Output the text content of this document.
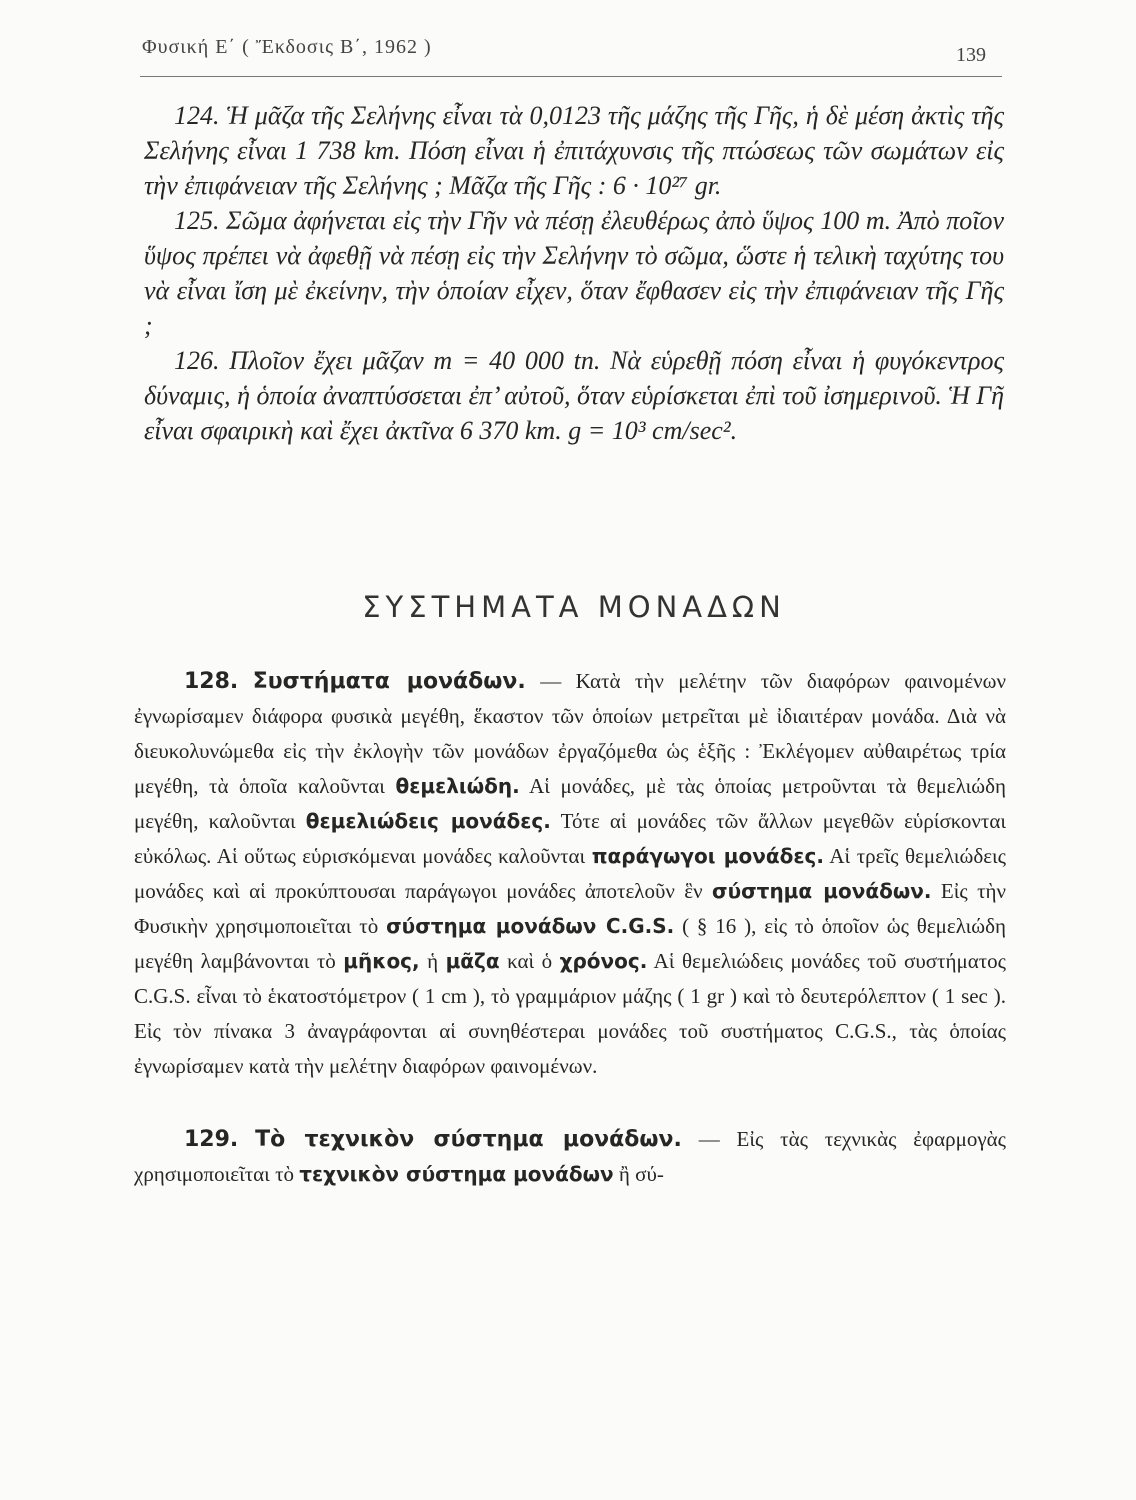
Φυσική Ε΄ ( Ἔκδοσις Β΄, 1962 )	139

124. Ἡ μᾶζα τῆς Σελήνης εἶναι τὰ 0,0123 τῆς μάζης τῆς Γῆς, ἡ δὲ μέση ἀκτὶς τῆς Σελήνης εἶναι 1 738 km. Πόση εἶναι ἡ ἐπιτάχυνσις τῆς πτώσεως τῶν σωμάτων εἰς τὴν ἐπιφάνειαν τῆς Σελήνης ; Μᾶζα τῆς Γῆς : 6 · 10²⁷ gr.

125. Σῶμα ἀφήνεται εἰς τὴν Γῆν νὰ πέσῃ ἐλευθέρως ἀπὸ ὕψος 100 m. Ἀπὸ ποῖον ὕψος πρέπει νὰ ἀφεθῇ νὰ πέσῃ εἰς τὴν Σελήνην τὸ σῶμα, ὥστε ἡ τελικὴ ταχύτης του νὰ εἶναι ἴση μὲ ἐκείνην, τὴν ὁποίαν εἶχεν, ὅταν ἔφθασεν εἰς τὴν ἐπιφάνειαν τῆς Γῆς ;

126. Πλοῖον ἔχει μᾶζαν m = 40 000 tn. Νὰ εὑρεθῇ πόση εἶναι ἡ φυγόκεντρος δύναμις, ἡ ὁποία ἀναπτύσσεται ἐπ’ αὐτοῦ, ὅταν εὑρίσκεται ἐπὶ τοῦ ἰσημερινοῦ. Ἡ Γῆ εἶναι σφαιρικὴ καὶ ἔχει ἀκτῖνα 6 370 km. g = 10³ cm/sec².

ΣΥΣΤΗΜΑΤΑ ΜΟΝΑΔΩΝ

128. Συστήματα μονάδων. — Κατὰ τὴν μελέτην τῶν διαφόρων φαινομένων ἐγνωρίσαμεν διάφορα φυσικὰ μεγέθη, ἕκαστον τῶν ὁποίων μετρεῖται μὲ ἰδιαιτέραν μονάδα. Διὰ νὰ διευκολυνώμεθα εἰς τὴν ἐκλογὴν τῶν μονάδων ἐργαζόμεθα ὡς ἑξῆς : Ἐκλέγομεν αὐθαιρέτως τρία μεγέθη, τὰ ὁποῖα καλοῦνται θεμελιώδη. Αἱ μονάδες, μὲ τὰς ὁποίας μετροῦνται τὰ θεμελιώδη μεγέθη, καλοῦνται θεμελιώδεις μονάδες. Τότε αἱ μονάδες τῶν ἄλλων μεγεθῶν εὑρίσκονται εὐκόλως. Αἱ οὕτως εὑρισκόμεναι μονάδες καλοῦνται παράγωγοι μονάδες. Αἱ τρεῖς θεμελιώδεις μονάδες καὶ αἱ προκύπτουσαι παράγωγοι μονάδες ἀποτελοῦν ἓν σύστημα μονάδων. Εἰς τὴν Φυσικὴν χρησιμοποιεῖται τὸ σύστημα μονάδων C.G.S. ( § 16 ), εἰς τὸ ὁποῖον ὡς θεμελιώδη μεγέθη λαμβάνονται τὸ μῆκος, ἡ μᾶζα καὶ ὁ χρόνος. Αἱ θεμελιώδεις μονάδες τοῦ συστήματος C.G.S. εἶναι τὸ ἑκατοστόμετρον ( 1 cm ), τὸ γραμμάριον μάζης ( 1 gr ) καὶ τὸ δευτερόλεπτον ( 1 sec ). Εἰς τὸν πίνακα 3 ἀναγράφονται αἱ συνηθέστεραι μονάδες τοῦ συστήματος C.G.S., τὰς ὁποίας ἐγνωρίσαμεν κατὰ τὴν μελέτην διαφόρων φαινομένων.

129. Τὸ τεχνικὸν σύστημα μονάδων. — Εἰς τὰς τεχνικὰς ἐφαρμογὰς χρησιμοποιεῖται τὸ τεχνικὸν σύστημα μονάδων ἢ σύ-
